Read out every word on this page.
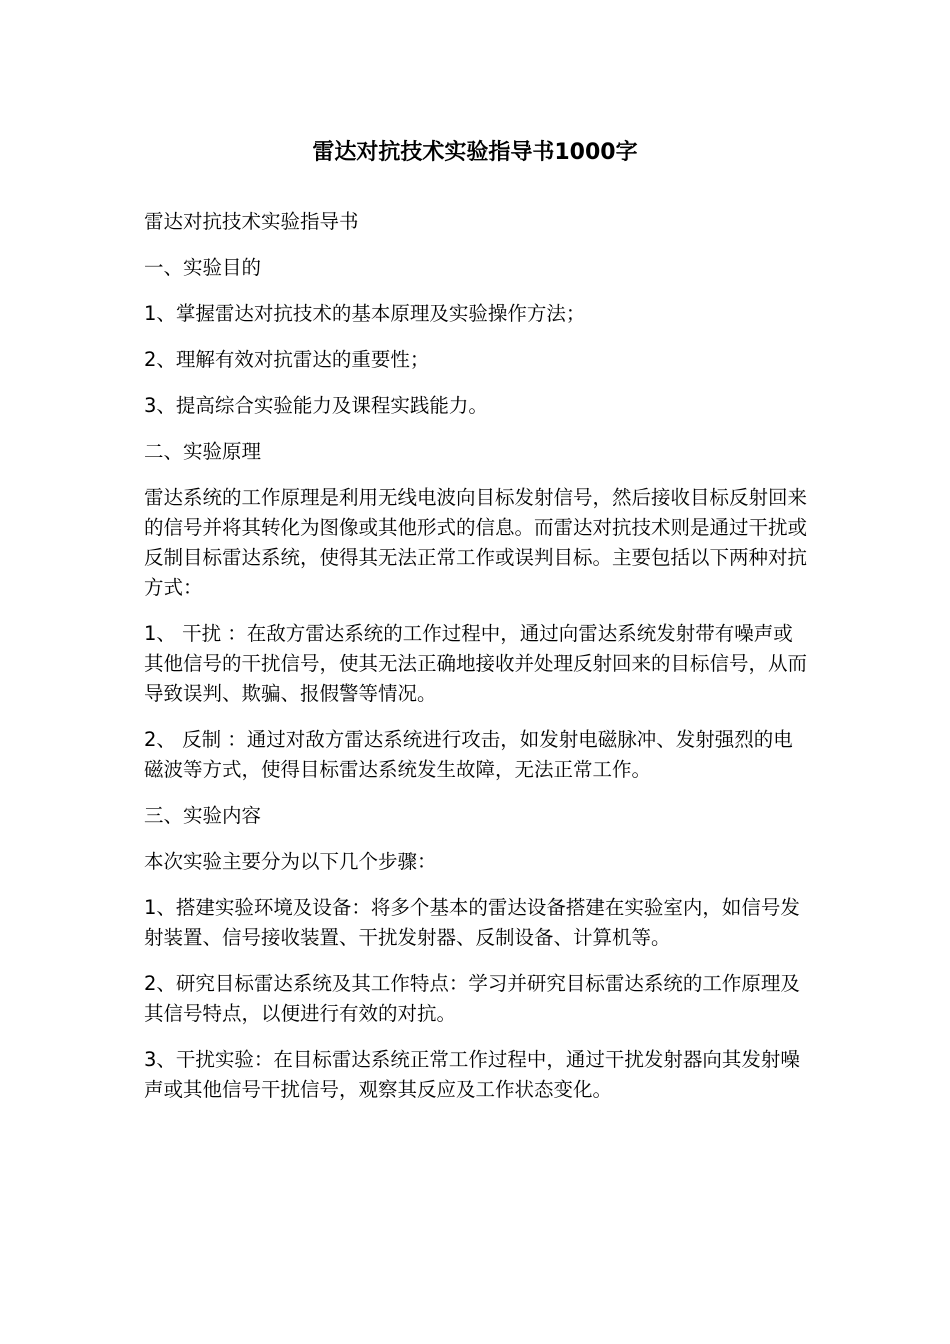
雷达对抗技术实验指导书1000字

雷达对抗技术实验指导书

一、实验目的

1、掌握雷达对抗技术的基本原理及实验操作方法；

2、理解有效对抗雷达的重要性；

3、提高综合实验能力及课程实践能力。

二、实验原理

雷达系统的工作原理是利用无线电波向目标发射信号，然后接收目标反射回来的信号并将其转化为图像或其他形式的信息。而雷达对抗技术则是通过干扰或反制目标雷达系统，使得其无法正常工作或误判目标。主要包括以下两种对抗方式：

1、 干扰 ：在敌方雷达系统的工作过程中，通过向雷达系统发射带有噪声或其他信号的干扰信号，使其无法正确地接收并处理反射回来的目标信号，从而导致误判、欺骗、报假警等情况。

2、 反制 ：通过对敌方雷达系统进行攻击，如发射电磁脉冲、发射强烈的电磁波等方式，使得目标雷达系统发生故障，无法正常工作。

三、实验内容

本次实验主要分为以下几个步骤：

1、搭建实验环境及设备：将多个基本的雷达设备搭建在实验室内，如信号发射装置、信号接收装置、干扰发射器、反制设备、计算机等。

2、研究目标雷达系统及其工作特点：学习并研究目标雷达系统的工作原理及其信号特点，以便进行有效的对抗。

3、干扰实验：在目标雷达系统正常工作过程中，通过干扰发射器向其发射噪声或其他信号干扰信号，观察其反应及工作状态变化。
